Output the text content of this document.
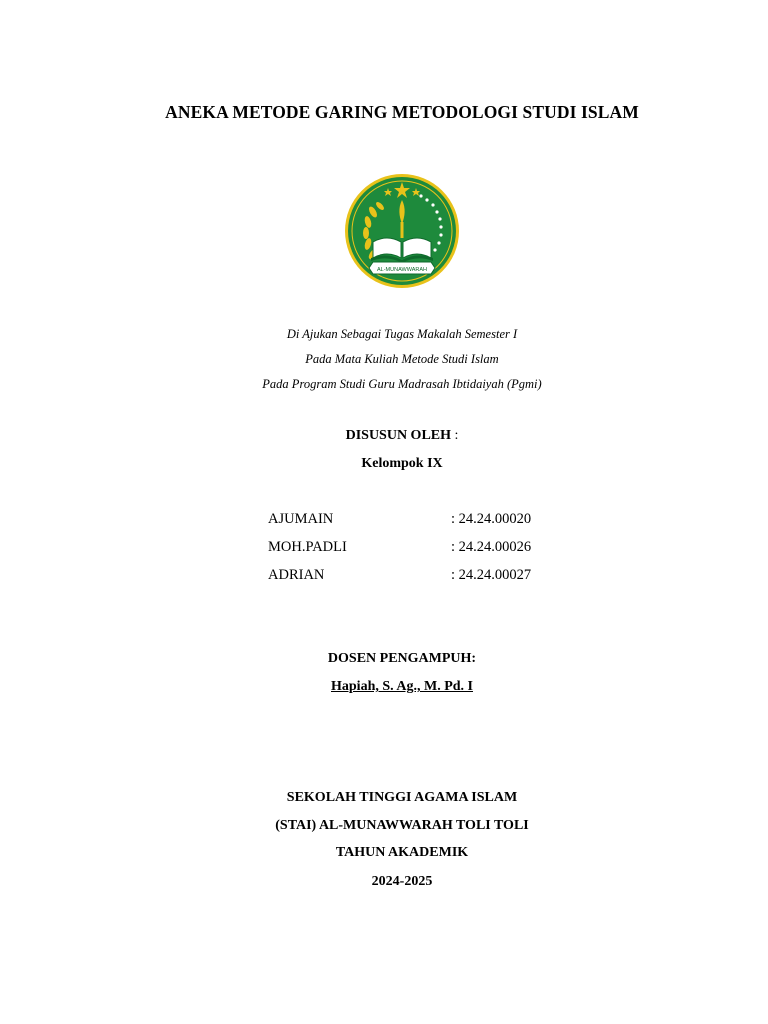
ANEKA METODE GARING METODOLOGI STUDI ISLAM
AL-MUNAWWARAH
Di Ajukan Sebagai Tugas Makalah Semester I
Pada Mata Kuliah Metode Studi Islam
Pada Program Studi Guru Madrasah Ibtidaiyah (Pgmi)
DISUSUN OLEH :
Kelompok IX
AJUMAIN	: 24.24.00020
MOH.PADLI	: 24.24.00026
ADRIAN	: 24.24.00027
DOSEN PENGAMPUH:
Hapiah, S. Ag., M. Pd. I
SEKOLAH TINGGI AGAMA ISLAM
(STAI) AL-MUNAWWARAH TOLI TOLI
TAHUN AKADEMIK
2024-2025
